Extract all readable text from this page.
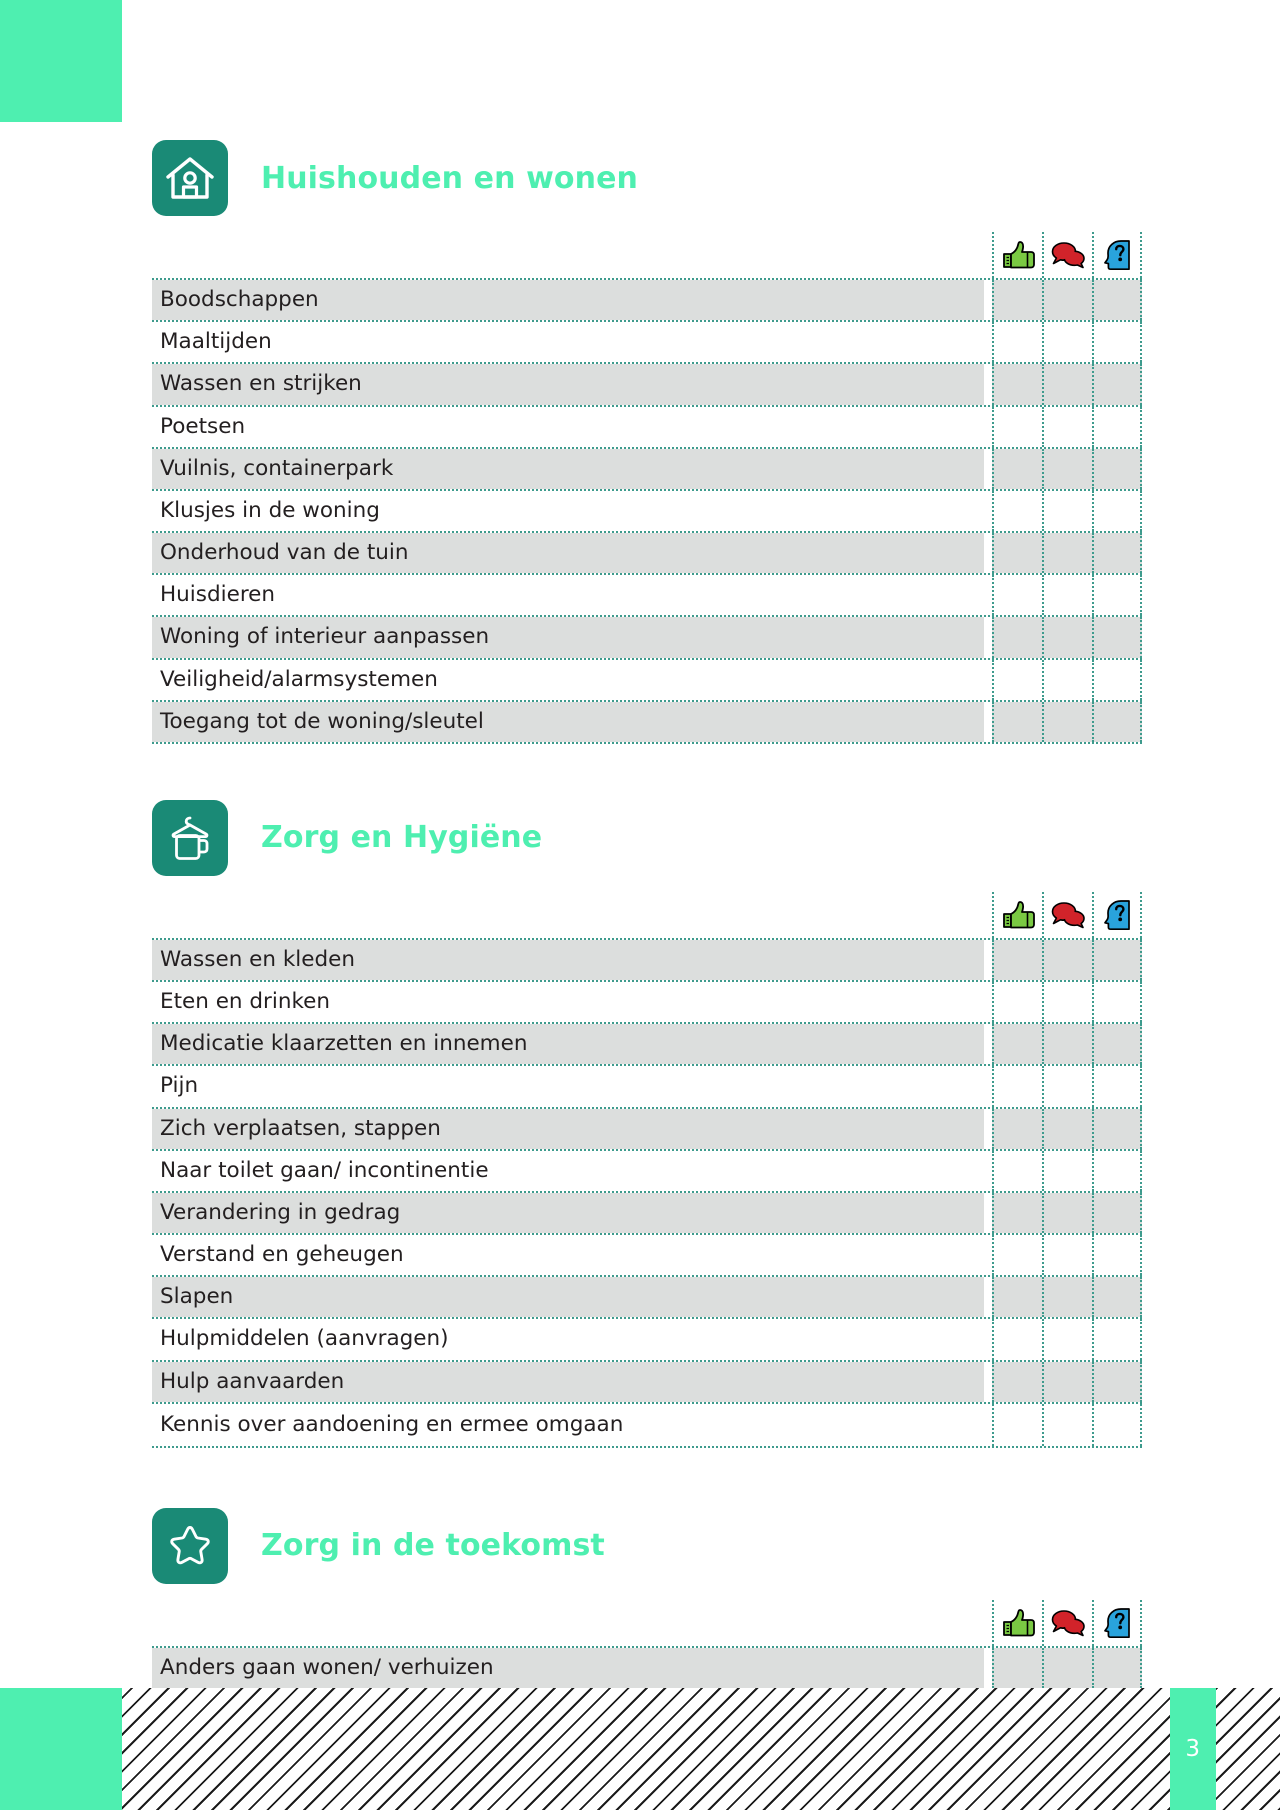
Huishouden en wonen
Boodschappen
Maaltijden
Wassen en strijken
Poetsen
Vuilnis, containerpark
Klusjes in de woning
Onderhoud van de tuin
Huisdieren
Woning of interieur aanpassen
Veiligheid/alarmsystemen
Toegang tot de woning/sleutel
Zorg en Hygiëne
Wassen en kleden
Eten en drinken
Medicatie klaarzetten en innemen
Pijn
Zich verplaatsen, stappen
Naar toilet gaan/ incontinentie
Verandering in gedrag
Verstand en geheugen
Slapen
Hulpmiddelen (aanvragen)
Hulp aanvaarden
Kennis over aandoening en ermee omgaan
Zorg in de toekomst
Anders gaan wonen/ verhuizen
3
